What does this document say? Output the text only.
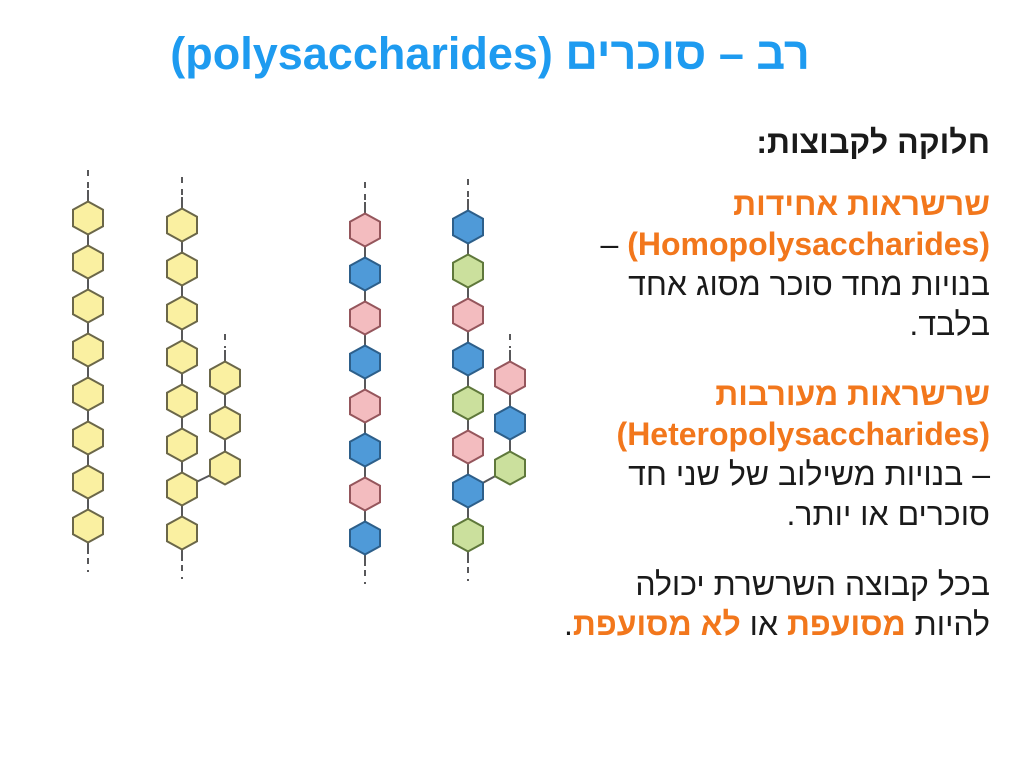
רב – סוכרים (polysaccharides)
חלוקה לקבוצות:
שרשראות אחידות
(Homopolysaccharides) –
בנויות מחד סוכר מסוג אחד
בלבד.
שרשראות מעורבות
(Heteropolysaccharides)
– בנויות משילוב של שני חד
סוכרים או יותר.
בכל קבוצה השרשרת יכולה
להיות מסועפת או לא מסועפת.
